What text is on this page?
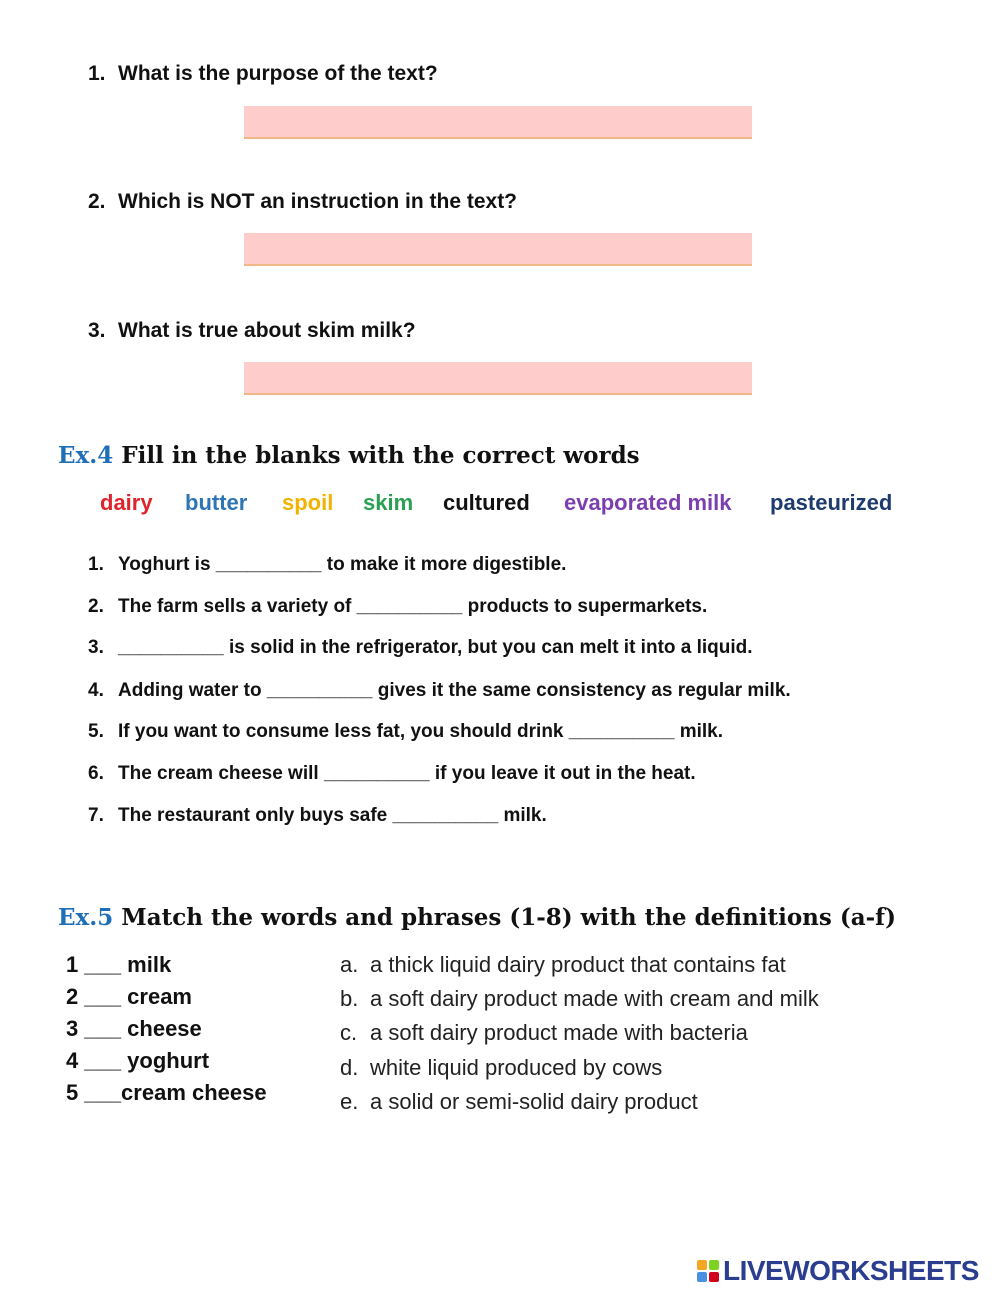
1. What is the purpose of the text?
2. Which is NOT an instruction in the text?
3. What is true about skim milk?
Ex.4 Fill in the blanks with the correct words
dairy butter spoil skim cultured evaporated milk pasteurized
1. Yoghurt is __________ to make it more digestible.
2. The farm sells a variety of __________ products to supermarkets.
3. __________ is solid in the refrigerator, but you can melt it into a liquid.
4. Adding water to __________ gives it the same consistency as regular milk.
5. If you want to consume less fat, you should drink __________ milk.
6. The cream cheese will __________ if you leave it out in the heat.
7. The restaurant only buys safe __________ milk.
Ex.5 Match the words and phrases (1-8) with the definitions (a-f)
1 ___ milk
2 ___ cream
3 ___ cheese
4 ___ yoghurt
5 ___cream cheese
a. a thick liquid dairy product that contains fat
b. a soft dairy product made with cream and milk
c. a soft dairy product made with bacteria
d. white liquid produced by cows
e. a solid or semi-solid dairy product
LIVEWORKSHEETS
